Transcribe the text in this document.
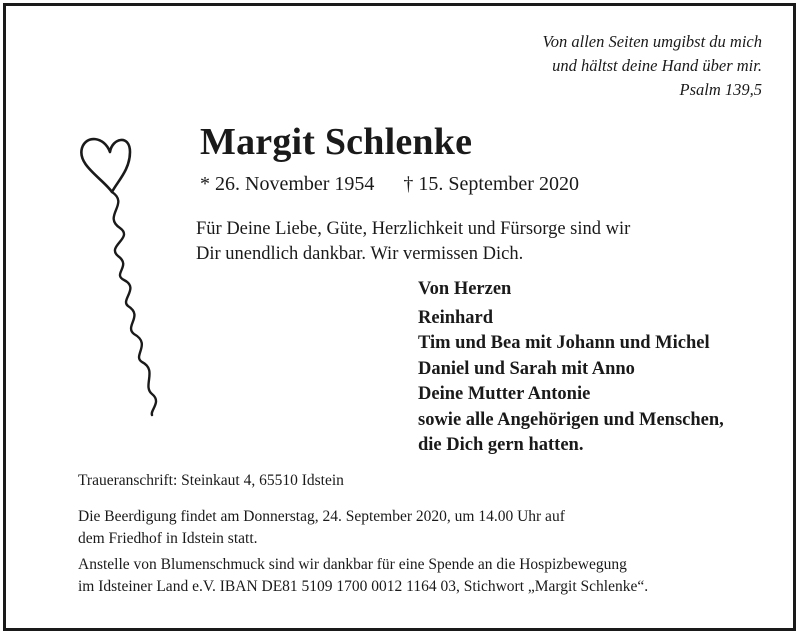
Von allen Seiten umgibst du mich
und hältst deine Hand über mir.
Psalm 139,5
Margit Schlenke
* 26. November 1954 † 15. September 2020
Für Deine Liebe, Güte, Herzlichkeit und Fürsorge sind wir
Dir unendlich dankbar. Wir vermissen Dich.
Von Herzen
Reinhard
Tim und Bea mit Johann und Michel
Daniel und Sarah mit Anno
Deine Mutter Antonie
sowie alle Angehörigen und Menschen,
die Dich gern hatten.
Traueranschrift: Steinkaut 4, 65510 Idstein
Die Beerdigung findet am Donnerstag, 24. September 2020, um 14.00 Uhr auf
dem Friedhof in Idstein statt.
Anstelle von Blumenschmuck sind wir dankbar für eine Spende an die Hospizbewegung
im Idsteiner Land e.V. IBAN DE81 5109 1700 0012 1164 03, Stichwort „Margit Schlenke“.
